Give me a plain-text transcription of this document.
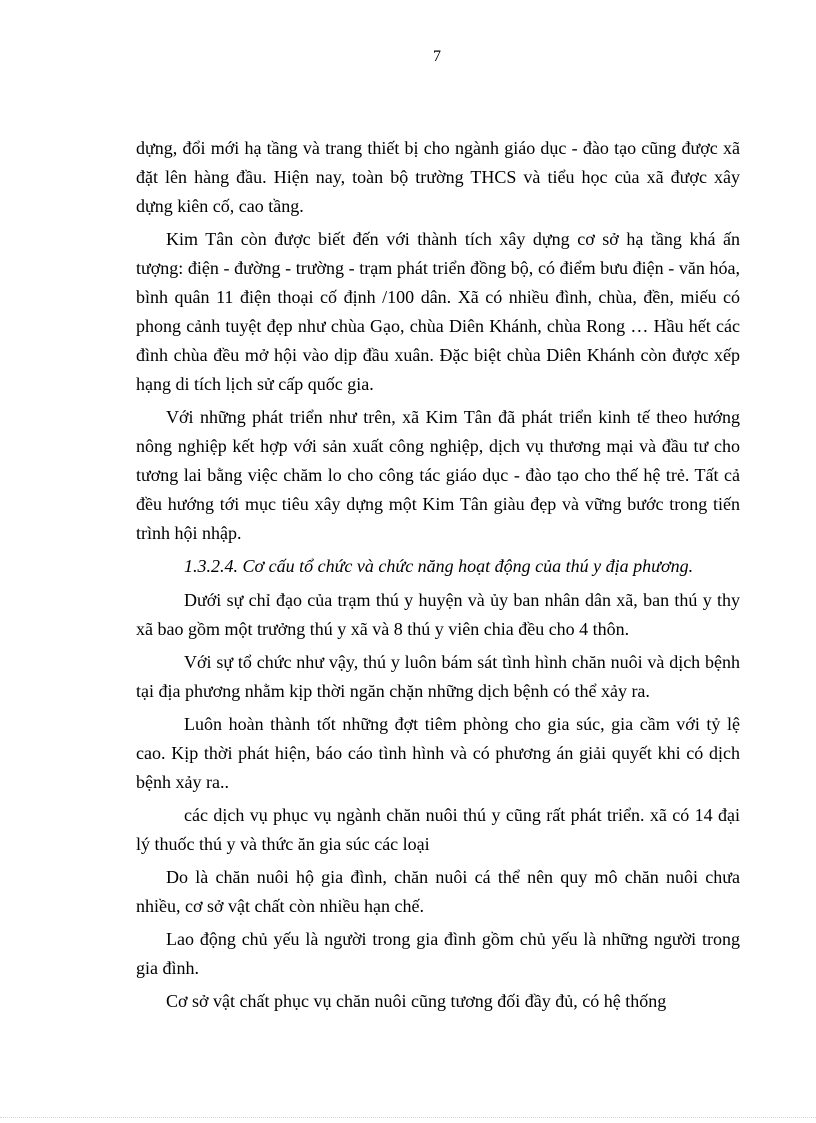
7

dựng, đổi mới hạ tầng và trang thiết bị cho ngành giáo dục - đào tạo cũng được xã đặt lên hàng đầu. Hiện nay, toàn bộ trường THCS và tiểu học của xã được xây dựng kiên cố, cao tầng.

Kim Tân còn được biết đến với thành tích xây dựng cơ sở hạ tầng khá ấn tượng: điện - đường - trường - trạm phát triển đồng bộ, có điểm bưu điện - văn hóa, bình quân 11 điện thoại cố định /100 dân. Xã có nhiều đình, chùa, đền, miếu có phong cảnh tuyệt đẹp như chùa Gạo, chùa Diên Khánh, chùa Rong … Hầu hết các đình chùa đều mở hội vào dịp đầu xuân. Đặc biệt chùa Diên Khánh còn được xếp hạng di tích lịch sử cấp quốc gia.

Với những phát triển như trên, xã Kim Tân đã phát triển kinh tế theo hướng nông nghiệp kết hợp với sản xuất công nghiệp, dịch vụ thương mại và đầu tư cho tương lai bằng việc chăm lo cho công tác giáo dục - đào tạo cho thế hệ trẻ. Tất cả đều hướng tới mục tiêu xây dựng một Kim Tân giàu đẹp và vững bước trong tiến trình hội nhập.

1.3.2.4. Cơ cấu tổ chức và chức năng hoạt động của thú y địa phương.

Dưới sự chỉ đạo của trạm thú y huyện và ủy ban nhân dân xã, ban thú y thy xã bao gồm một trưởng thú y xã và 8 thú y viên chia đều cho 4 thôn.

Với sự tổ chức như vậy, thú y luôn bám sát tình hình chăn nuôi và dịch bệnh tại địa phương nhằm kịp thời ngăn chặn những dịch bệnh có thể xảy ra.

Luôn hoàn thành tốt những đợt tiêm phòng cho gia súc, gia cầm với tỷ lệ cao. Kịp thời phát hiện, báo cáo tình hình và có phương án giải quyết khi có dịch bệnh xảy ra..

các dịch vụ phục vụ ngành chăn nuôi thú y cũng rất phát triển. xã có 14 đại lý thuốc thú y và thức ăn gia súc các loại

Do là chăn nuôi hộ gia đình, chăn nuôi cá thể nên quy mô chăn nuôi chưa nhiều, cơ sở vật chất còn nhiều hạn chế.

Lao động chủ yếu là người trong gia đình gồm chủ yếu là những người trong gia đình.

Cơ sở vật chất phục vụ chăn nuôi cũng tương đối đầy đủ, có hệ thống
